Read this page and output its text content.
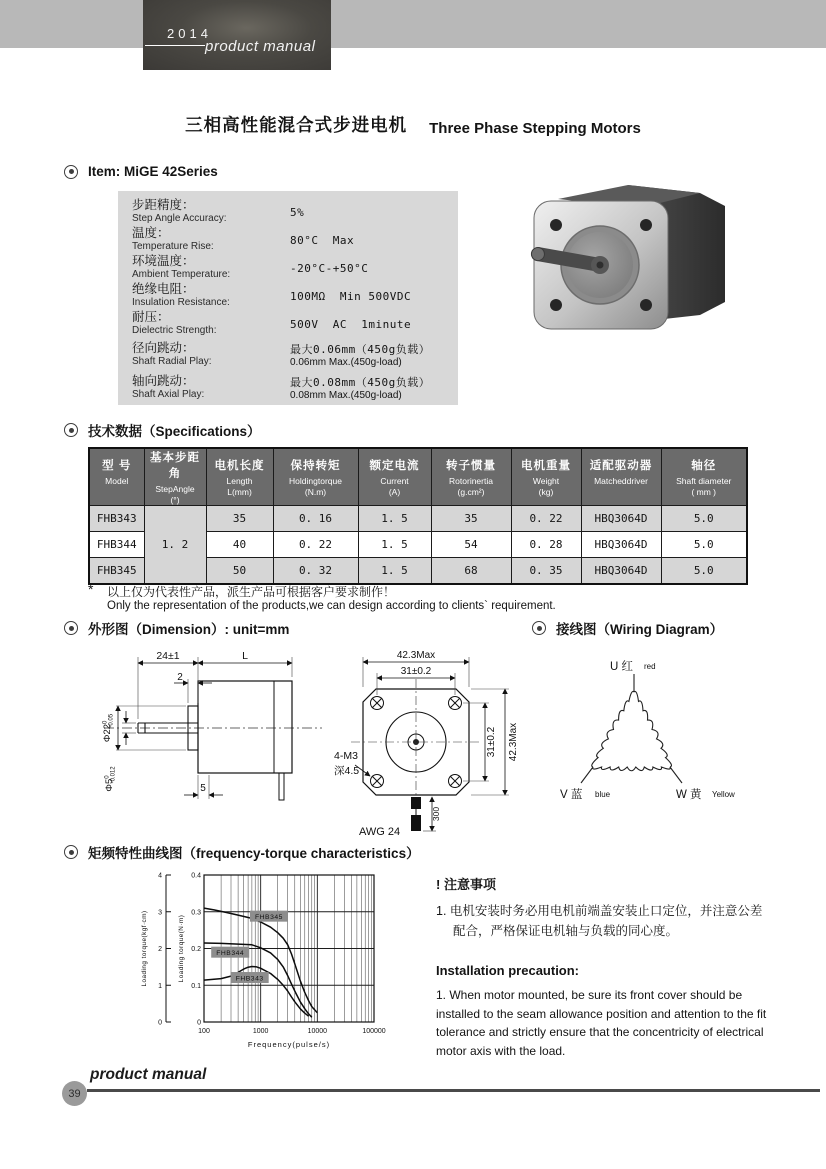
2014
product manual
三相高性能混合式步进电机 Three Phase Stepping Motors
Item: MiGE 42Series
步距精度：
Step Angle Accuracy:
5%
温度：
Temperature Rise:
80°C  Max
环境温度：
Ambient Temperature:
-20°C-+50°C
绝缘电阻：
Insulation Resistance:
100MΩ  Min 500VDC
耐压：
Dielectric Strength:
500V  AC  1minute
径向跳动：
Shaft Radial Play:
最大0.06mm（450g负载）
0.06mm Max.(450g-load)
轴向跳动：
Shaft Axial Play:
最大0.08mm（450g负载）
0.08mm Max.(450g-load)
技术数据（Specifications）
型 号
Model

基本步距角
StepAngle
(°)

电机长度
Length
L(mm)

保持转矩
Holdingtorque
(N.m)

额定电流
Current
(A)

转子惯量
Rotorinertia
(g.cm²)

电机重量
Weight
(kg)

适配驱动器
Matcheddriver

轴径
Shaft diameter
( mm )

FHB343	1. 2	35	0. 16	1. 5	35	0. 22	HBQ3064D	5.0
FHB344		40	0. 22	1. 5	54	0. 28	HBQ3064D	5.0
FHB345		50	0. 32	1. 5	68	0. 35	HBQ3064D	5.0
* 以上仅为代表性产品，派生产品可根据客户要求制作！
Only the representation of the products,we can design according to clients` requirement.
外形图（Dimension）: unit=mm	接线图（Wiring Diagram）
24±1
2
L
5
$\Phi 22^0-0.05$
$\Phi 5^0-0.012$
42.3Max
31±0.2
31±0.2 42.3Max
4-M3
深4.5
300
AWG 24
U 红 red
V 蓝 blue	W 黄 Yellow
矩频特性曲线图（frequency-torque characteristics）
4
3
2
1
0
0.4
0.3
0.2
0.1
0
100	1000	10000	100000
Loading torque(kgf·cm)	Loading torque(N·m)
Frequency(pulse/s)
FHB345
FHB344
FHB343
! 注意事项
1. 电机安装时务必用电机前端盖安装止口定位，并注意公差配合，严格保证电机轴与负载的同心度。
Installation precaution:
1. When motor mounted, be sure its front cover should be installed to the seam allowance position and attention to the fit tolerance and strictly ensure that the concentricity of electrical motor axis with the load.
product manual
39
